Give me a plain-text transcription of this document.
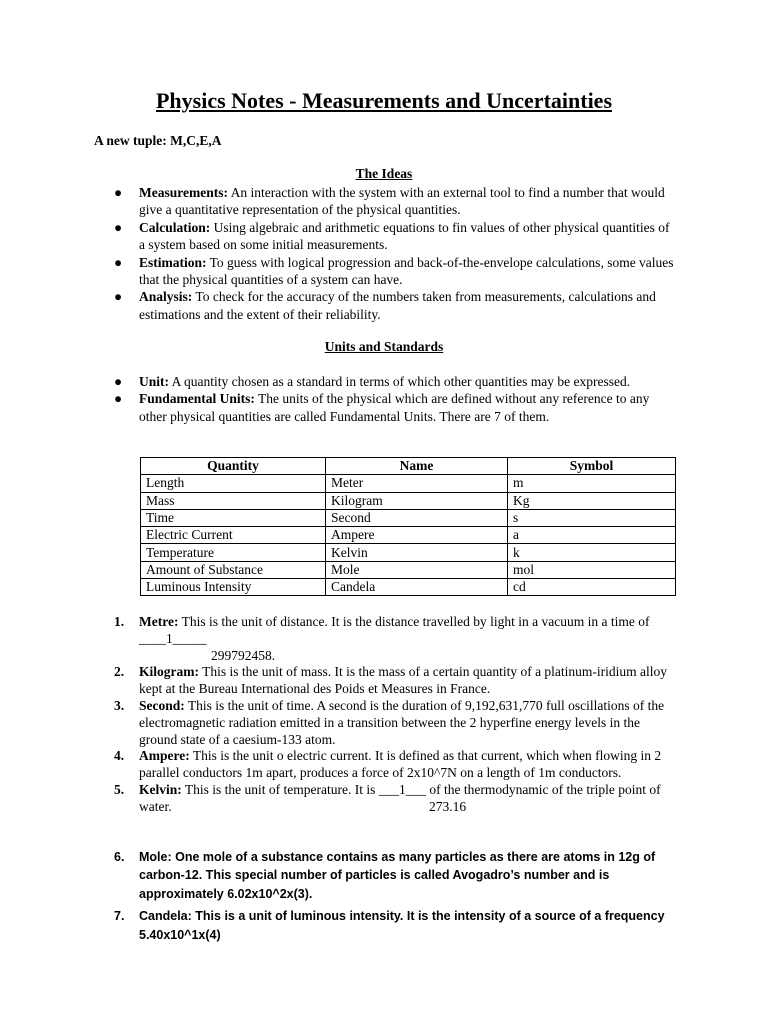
Physics Notes - Measurements and Uncertainties
A new tuple: M,C,E,A
The Ideas
● Measurements: An interaction with the system with an external tool to find a number that would give a quantitative representation of the physical quantities.
● Calculation: Using algebraic and arithmetic equations to fin values of other physical quantities of a system based on some initial measurements.
● Estimation: To guess with logical progression and back-of-the-envelope calculations, some values that the physical quantities of a system can have.
● Analysis: To check for the accuracy of the numbers taken from measurements, calculations and estimations and the extent of their reliability.
Units and Standards
● Unit: A quantity chosen as a standard in terms of which other quantities may be expressed.
● Fundamental Units: The units of the physical which are defined without any reference to any other physical quantities are called Fundamental Units. There are 7 of them.
Quantity	Name	Symbol
Length	Meter	m
Mass	Kilogram	Kg
Time	Second	s
Electric Current	Ampere	a
Temperature	Kelvin	k
Amount of Substance	Mole	mol
Luminous Intensity	Candela	cd
1. Metre: This is the unit of distance. It is the distance travelled by light in a vacuum in a time of ____1_____
299792458.
2. Kilogram: This is the unit of mass. It is the mass of a certain quantity of a platinum-iridium alloy kept at the Bureau International des Poids et Measures in France.
3. Second: This is the unit of time. A second is the duration of 9,192,631,770 full oscillations of the electromagnetic radiation emitted in a transition between the 2 hyperfine energy levels in the ground state of a caesium-133 atom.
4. Ampere: This is the unit o electric current. It is defined as that current, which when flowing in 2 parallel conductors 1m apart, produces a force of 2x10^7N on a length of 1m conductors.
5. Kelvin: This is the unit of temperature. It is ___1___ of the thermodynamic of the triple point of water.	273.16
6. Mole: One mole of a substance contains as many particles as there are atoms in 12g of carbon-12. This special number of particles is called Avogadro’s number and is approximately 6.02x10^2x(3).
7. Candela: This is a unit of luminous intensity. It is the intensity of a source of a frequency 5.40x10^1x(4)
